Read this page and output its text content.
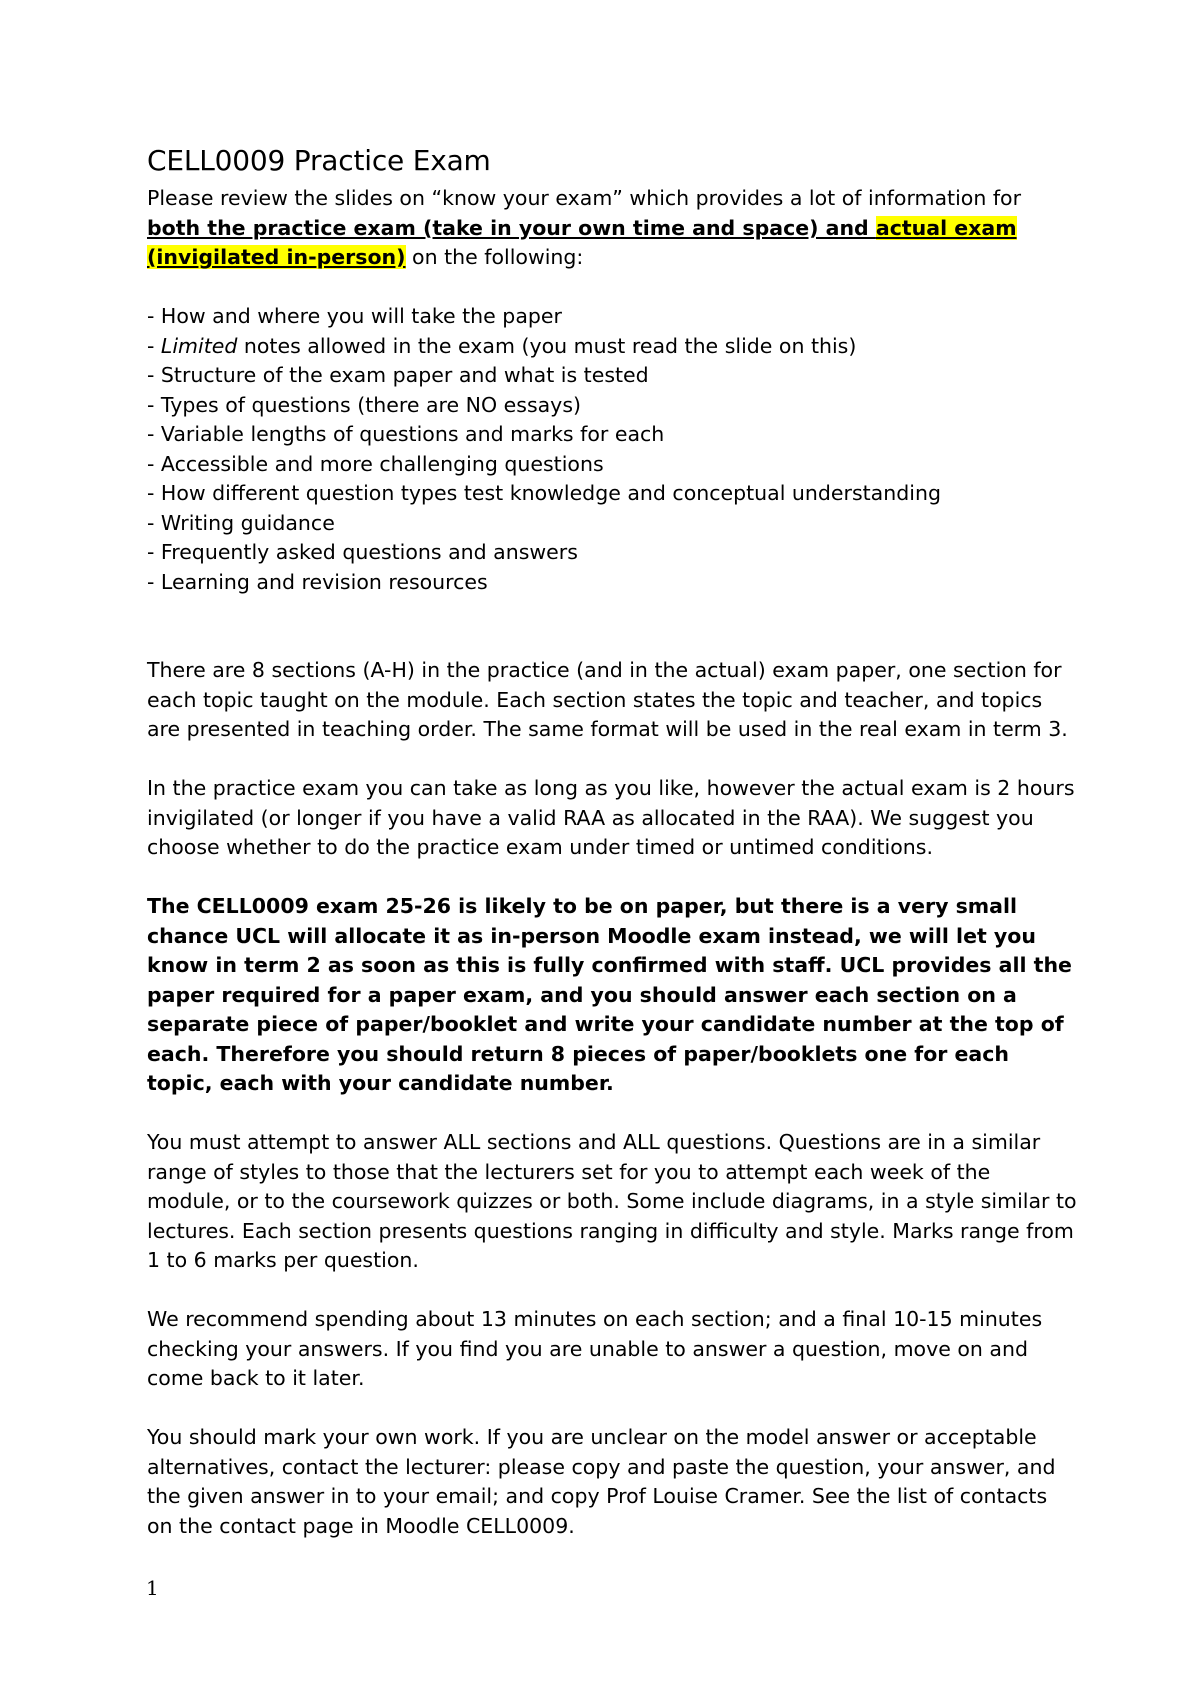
CELL0009 Practice Exam

Please review the slides on “know your exam” which provides a lot of information for both the practice exam (take in your own time and space) and actual exam (invigilated in-person) on the following:

- How and where you will take the paper
- Limited notes allowed in the exam (you must read the slide on this)
- Structure of the exam paper and what is tested
- Types of questions (there are NO essays)
- Variable lengths of questions and marks for each
- Accessible and more challenging questions
- How different question types test knowledge and conceptual understanding
- Writing guidance
- Frequently asked questions and answers
- Learning and revision resources

There are 8 sections (A-H) in the practice (and in the actual) exam paper, one section for each topic taught on the module. Each section states the topic and teacher, and topics are presented in teaching order. The same format will be used in the real exam in term 3.

In the practice exam you can take as long as you like, however the actual exam is 2 hours invigilated (or longer if you have a valid RAA as allocated in the RAA). We suggest you choose whether to do the practice exam under timed or untimed conditions.

The CELL0009 exam 25-26 is likely to be on paper, but there is a very small chance UCL will allocate it as in-person Moodle exam instead, we will let you know in term 2 as soon as this is fully confirmed with staff. UCL provides all the paper required for a paper exam, and you should answer each section on a separate piece of paper/booklet and write your candidate number at the top of each. Therefore you should return 8 pieces of paper/booklets one for each topic, each with your candidate number.

You must attempt to answer ALL sections and ALL questions. Questions are in a similar range of styles to those that the lecturers set for you to attempt each week of the module, or to the coursework quizzes or both. Some include diagrams, in a style similar to lectures. Each section presents questions ranging in difficulty and style. Marks range from 1 to 6 marks per question.

We recommend spending about 13 minutes on each section; and a final 10-15 minutes checking your answers. If you find you are unable to answer a question, move on and come back to it later.

You should mark your own work. If you are unclear on the model answer or acceptable alternatives, contact the lecturer: please copy and paste the question, your answer, and the given answer in to your email; and copy Prof Louise Cramer. See the list of contacts on the contact page in Moodle CELL0009.

1
